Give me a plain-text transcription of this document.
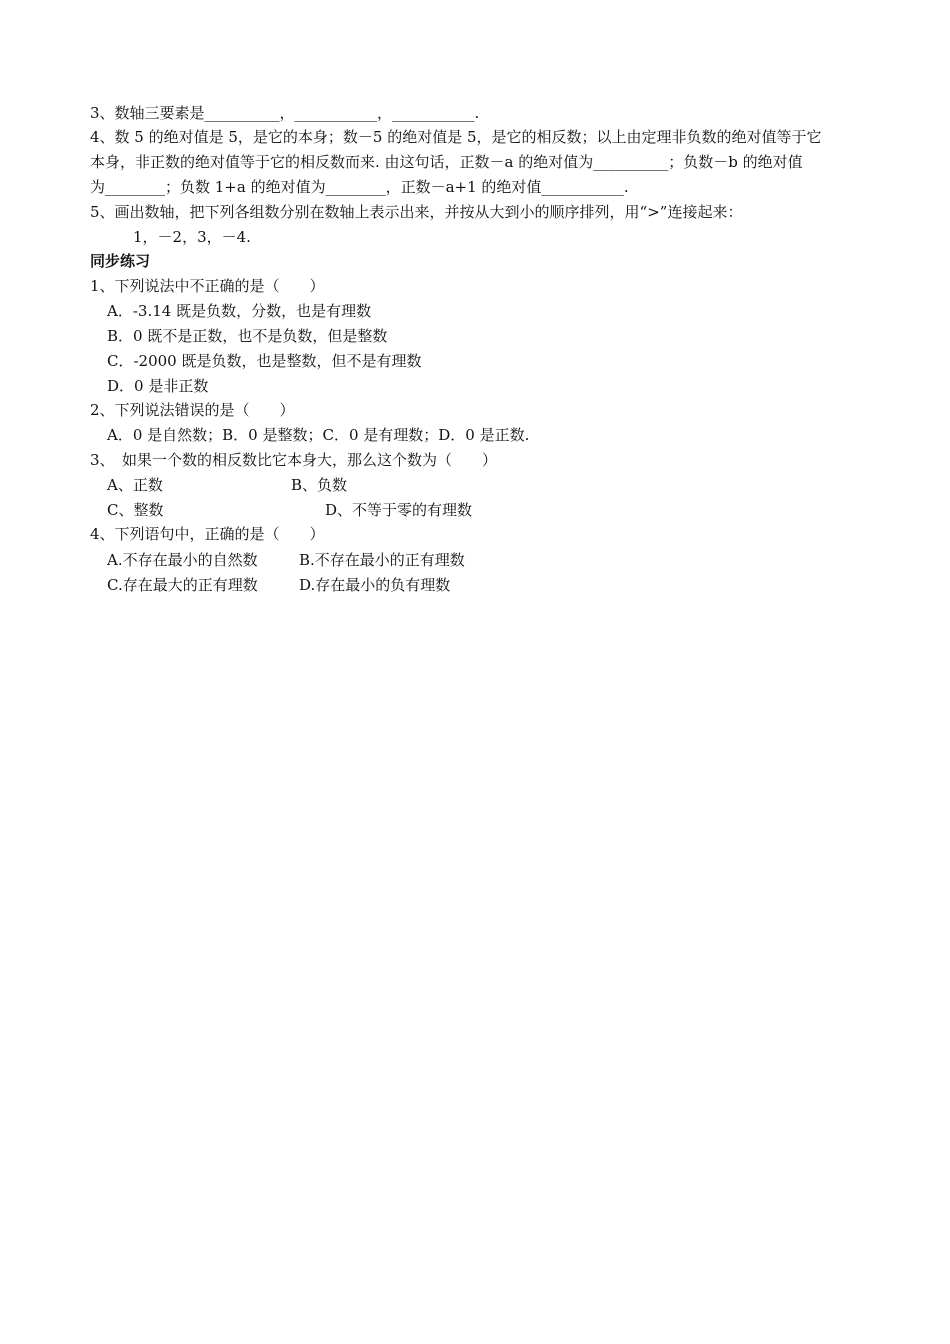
3、数轴三要素是__________，___________，___________.
4、数 5 的绝对值是 5，是它的本身；数－5 的绝对值是 5，是它的相反数；以上由定理非负数的绝对值等于它
本身，非正数的绝对值等于它的相反数而来. 由这句话，正数－a 的绝对值为__________；负数－b 的绝对值
为________；负数 1+a 的绝对值为________，正数－a+1 的绝对值___________.
5、画出数轴，把下列各组数分别在数轴上表示出来，并按从大到小的顺序排列，用“>”连接起来：
1，－2，3，－4.
同步练习
1、下列说法中不正确的是（　　）
A．-3.14 既是负数，分数，也是有理数
B．0 既不是正数，也不是负数，但是整数
C．-2000 既是负数，也是整数，但不是有理数
D．0 是非正数
2、下列说法错误的是（　　）
A．0 是自然数；B．0 是整数；C．0 是有理数；D．0 是正数.
3、　如果一个数的相反数比它本身大，那么这个数为（　　）
A、正数	B、负数
C、整数	D、不等于零的有理数
4、下列语句中，正确的是（　　）
A.不存在最小的自然数	B.不存在最小的正有理数
C.存在最大的正有理数	D.存在最小的负有理数
